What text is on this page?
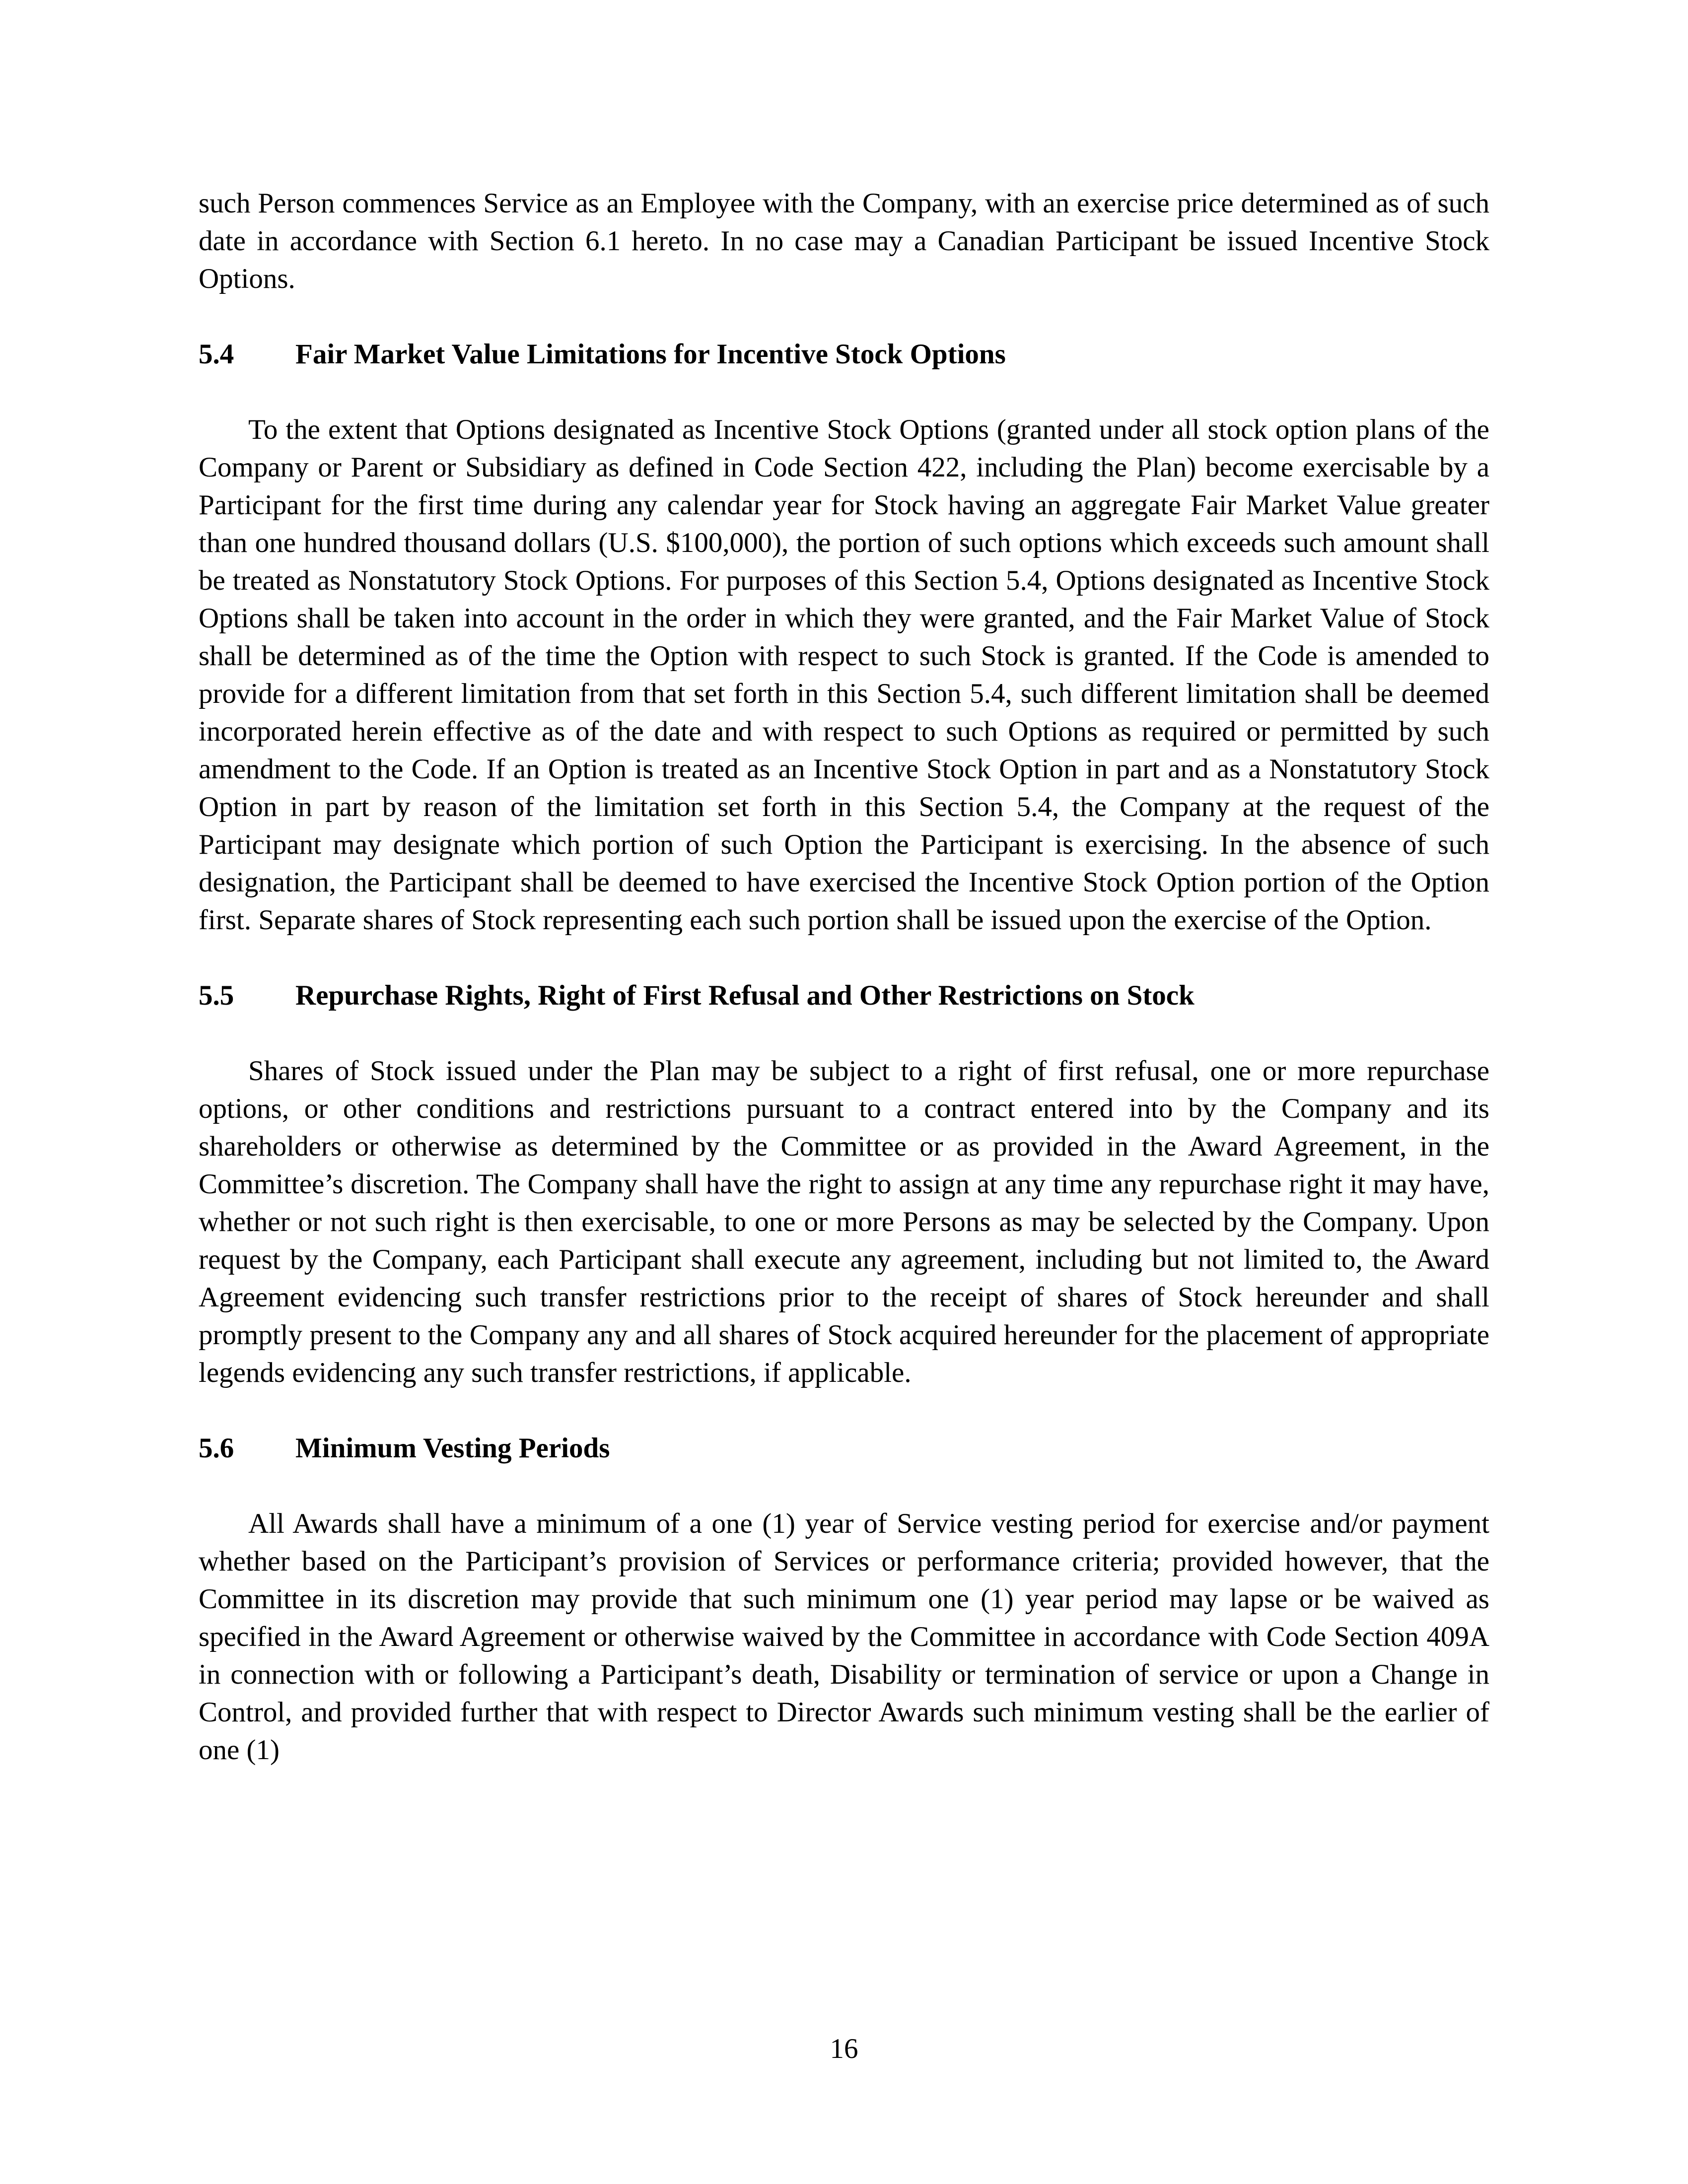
such Person commences Service as an Employee with the Company, with an exercise price determined as of such date in accordance with Section 6.1 hereto. In no case may a Canadian Participant be issued Incentive Stock Options.

5.4	Fair Market Value Limitations for Incentive Stock Options

To the extent that Options designated as Incentive Stock Options (granted under all stock option plans of the Company or Parent or Subsidiary as defined in Code Section 422, including the Plan) become exercisable by a Participant for the first time during any calendar year for Stock having an aggregate Fair Market Value greater than one hundred thousand dollars (U.S. $100,000), the portion of such options which exceeds such amount shall be treated as Nonstatutory Stock Options. For purposes of this Section 5.4, Options designated as Incentive Stock Options shall be taken into account in the order in which they were granted, and the Fair Market Value of Stock shall be determined as of the time the Option with respect to such Stock is granted. If the Code is amended to provide for a different limitation from that set forth in this Section 5.4, such different limitation shall be deemed incorporated herein effective as of the date and with respect to such Options as required or permitted by such amendment to the Code. If an Option is treated as an Incentive Stock Option in part and as a Nonstatutory Stock Option in part by reason of the limitation set forth in this Section 5.4, the Company at the request of the Participant may designate which portion of such Option the Participant is exercising. In the absence of such designation, the Participant shall be deemed to have exercised the Incentive Stock Option portion of the Option first. Separate shares of Stock representing each such portion shall be issued upon the exercise of the Option.

5.5	Repurchase Rights, Right of First Refusal and Other Restrictions on Stock

Shares of Stock issued under the Plan may be subject to a right of first refusal, one or more repurchase options, or other conditions and restrictions pursuant to a contract entered into by the Company and its shareholders or otherwise as determined by the Committee or as provided in the Award Agreement, in the Committee’s discretion. The Company shall have the right to assign at any time any repurchase right it may have, whether or not such right is then exercisable, to one or more Persons as may be selected by the Company. Upon request by the Company, each Participant shall execute any agreement, including but not limited to, the Award Agreement evidencing such transfer restrictions prior to the receipt of shares of Stock hereunder and shall promptly present to the Company any and all shares of Stock acquired hereunder for the placement of appropriate legends evidencing any such transfer restrictions, if applicable.

5.6	Minimum Vesting Periods

All Awards shall have a minimum of a one (1) year of Service vesting period for exercise and/or payment whether based on the Participant’s provision of Services or performance criteria; provided however, that the Committee in its discretion may provide that such minimum one (1) year period may lapse or be waived as specified in the Award Agreement or otherwise waived by the Committee in accordance with Code Section 409A in connection with or following a Participant’s death, Disability or termination of service or upon a Change in Control, and provided further that with respect to Director Awards such minimum vesting shall be the earlier of one (1)

16
